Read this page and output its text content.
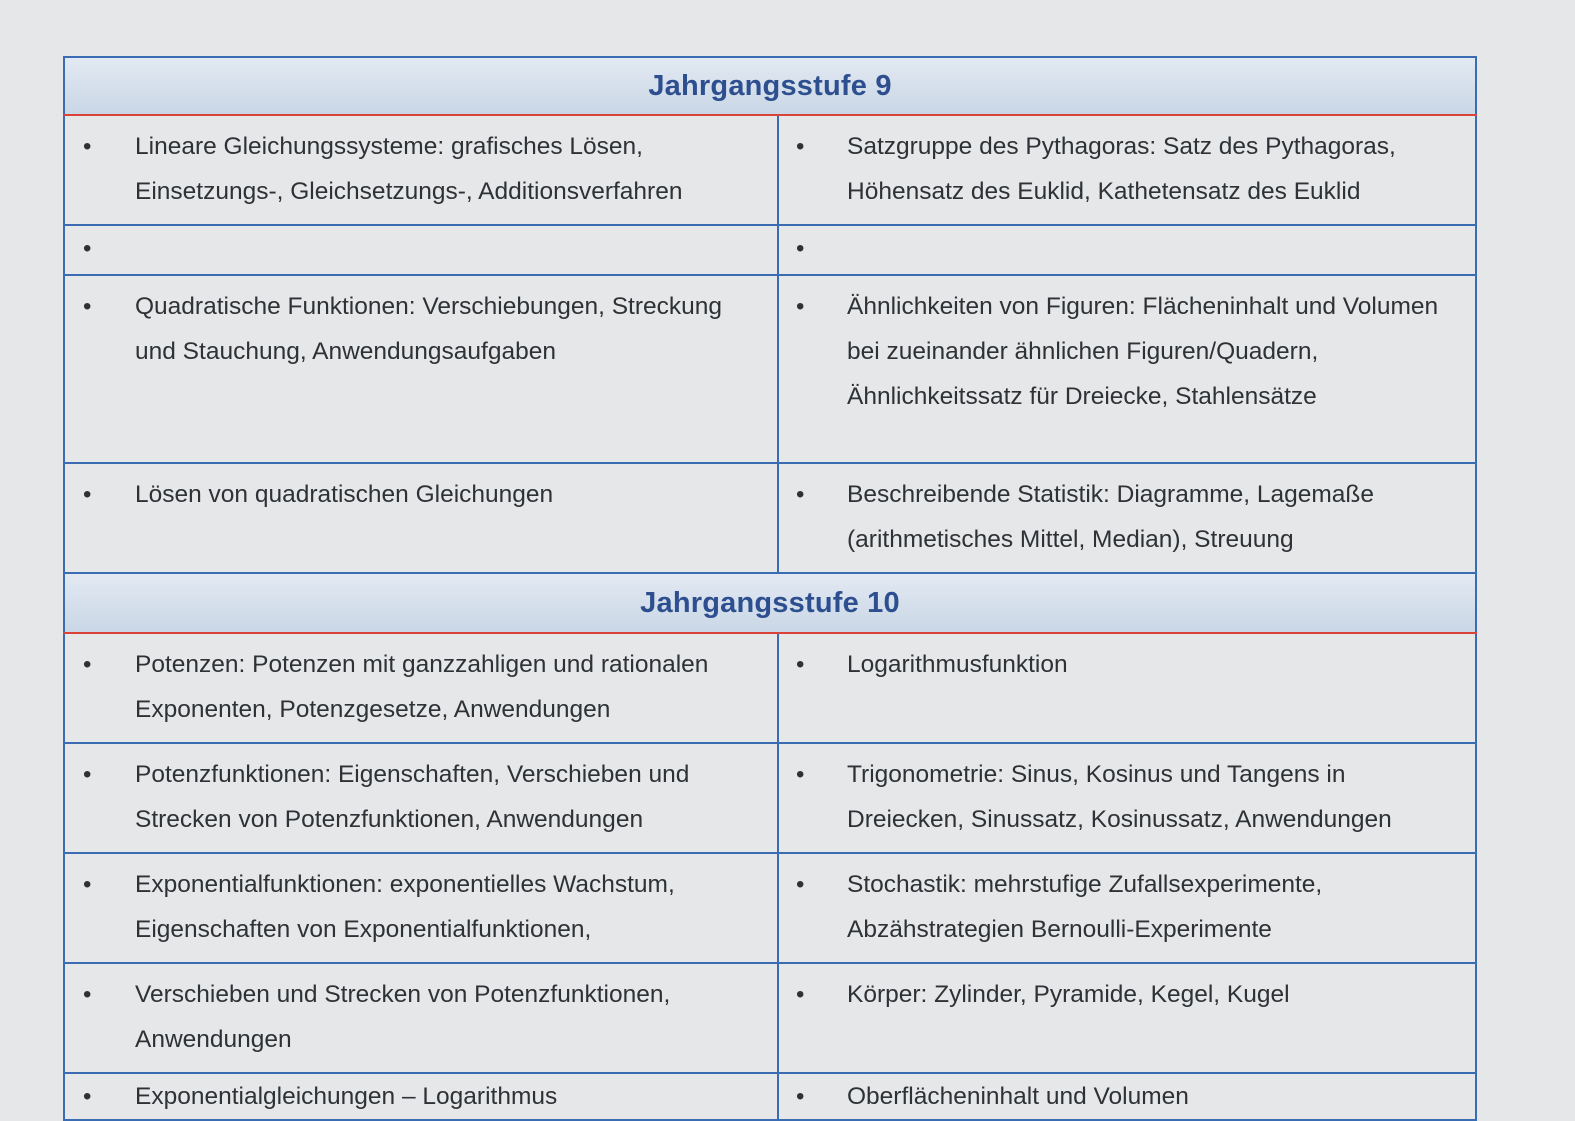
Jahrgangsstufe 9	

• Lineare Gleichungssysteme: grafisches Lösen, Einsetzungs-, Gleichsetzungs-, Additionsverfahren	• Satzgruppe des Pythagoras: Satz des Pythagoras, Höhensatz des Euklid, Kathetensatz des Euklid

•	•

• Quadratische Funktionen: Verschiebungen, Streckung und Stauchung, Anwendungsaufgaben	• Ähnlichkeiten von Figuren: Flächeninhalt und Volumen bei zueinander ähnlichen Figuren/Quadern, Ähnlichkeitssatz für Dreiecke, Stahlensätze

• Lösen von quadratischen Gleichungen	• Beschreibende Statistik: Diagramme, Lagemaße (arithmetisches Mittel, Median), Streuung

Jahrgangsstufe 10	

• Potenzen: Potenzen mit ganzzahligen und rationalen Exponenten, Potenzgesetze, Anwendungen	• Logarithmusfunktion

• Potenzfunktionen: Eigenschaften, Verschieben und Strecken von Potenzfunktionen, Anwendungen	• Trigonometrie: Sinus, Kosinus und Tangens in Dreiecken, Sinussatz, Kosinussatz, Anwendungen

• Exponentialfunktionen: exponentielles Wachstum, Eigenschaften von Exponentialfunktionen,	• Stochastik: mehrstufige Zufallsexperimente, Abzähstrategien Bernoulli-Experimente

• Verschieben und Strecken von Potenzfunktionen, Anwendungen	• Körper: Zylinder, Pyramide, Kegel, Kugel

• Exponentialgleichungen – Logarithmus	• Oberflächeninhalt und Volumen
